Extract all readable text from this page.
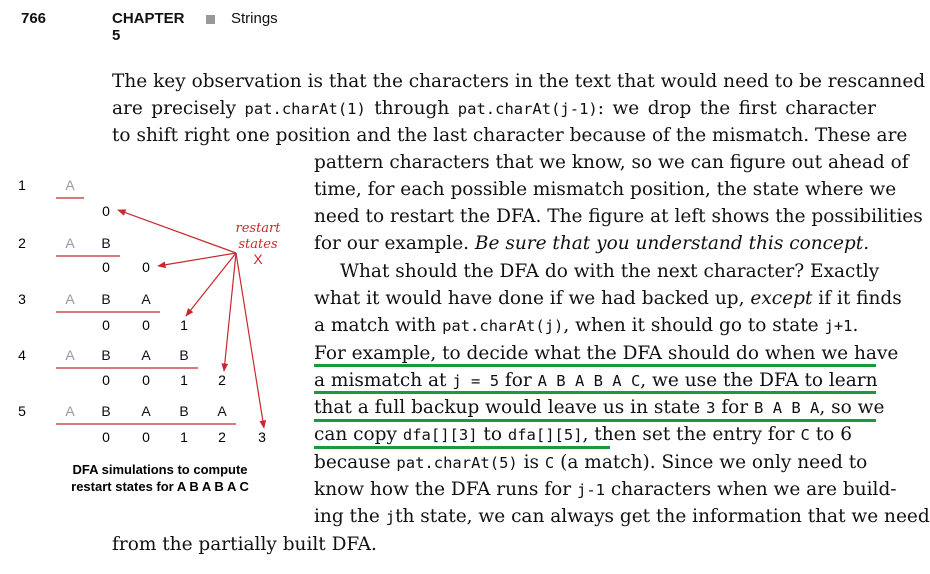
766	CHAPTER 5
Strings
The key observation is that the characters in the text that would need to be rescanned
are precisely pat.charAt(1) through pat.charAt(j-1): we drop the first character
to shift right one position and the last character because of the mismatch. These are
pattern characters that we know, so we can figure out ahead of
time, for each possible mismatch position, the state where we
need to restart the DFA. The figure at left shows the possibilities
for our example. Be sure that you understand this concept.
What should the DFA do with the next character? Exactly
what it would have done if we had backed up, except if it finds
a match with pat.charAt(j), when it should go to state j+1.
For example, to decide what the DFA should do when we have
a mismatch at j = 5 for A B A B A C, we use the DFA to learn
that a full backup would leave us in state 3 for B A B A, so we
can copy dfa[][3] to dfa[][5], then set the entry for C to 6
because pat.charAt(5) is C (a match). Since we only need to
know how the DFA runs for j-1 characters when we are build-
ing the jth state, we can always get the information that we need
from the partially built DFA.
1	A
0
2	A B
0 0
3	A B A
0 0 1
4	A B A B
0 0 1 2
5	A B A B A
0 0 1 2 3
restart
states
X
DFA simulations to compute
restart states for A B A B A C
